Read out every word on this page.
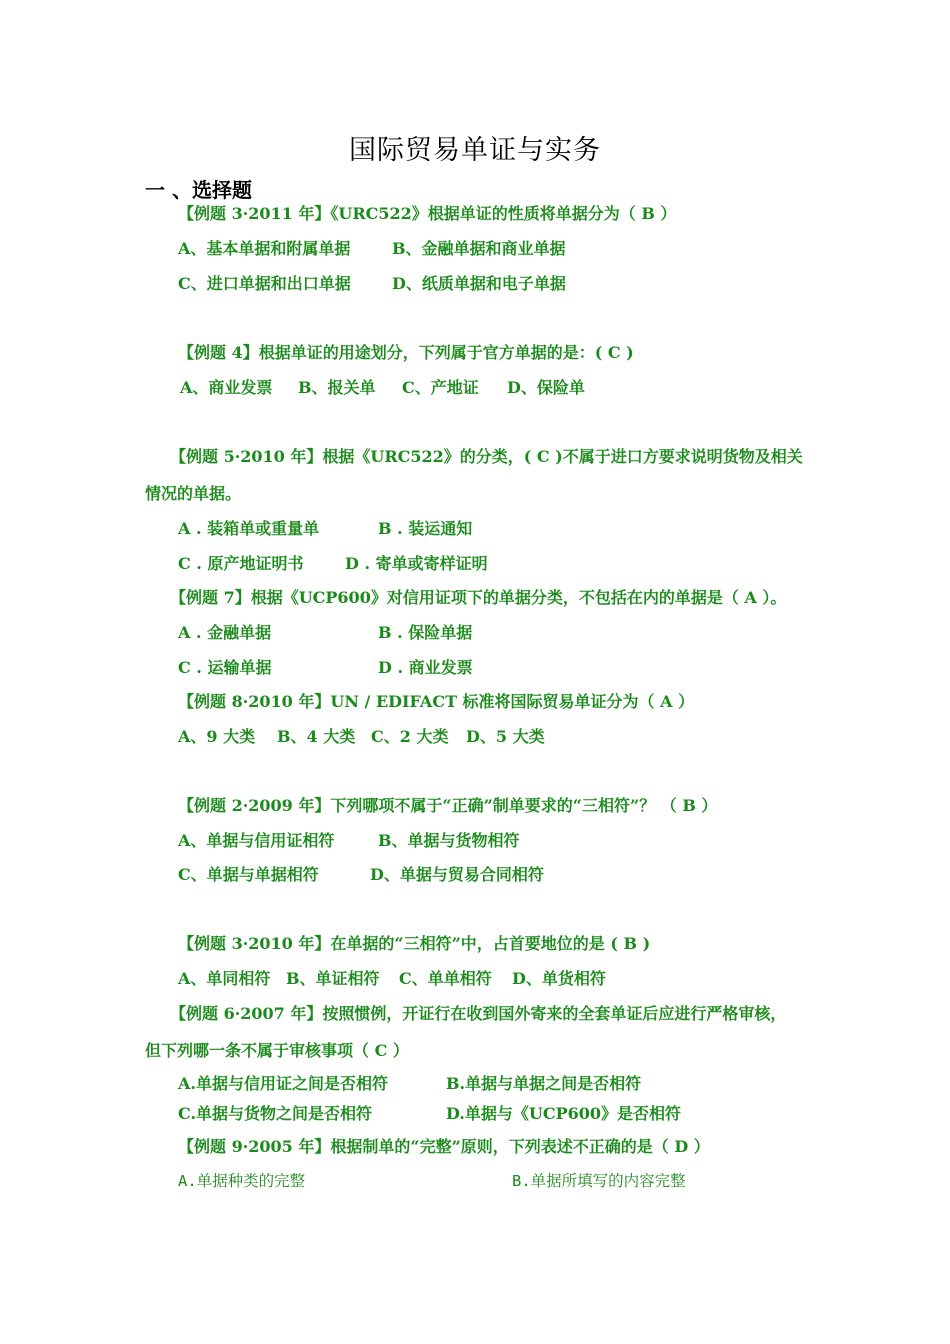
国际贸易单证与实务
一 、选择题
【例题 3·2011 年】《URC522》根据单证的性质将单据分为（ B ）
A、基本单据和附属单据	B、金融单据和商业单据
C、进口单据和出口单据	D、纸质单据和电子单据
【例题 4】根据单证的用途划分，下列属于官方单据的是：( C )
A、商业发票 B、报关单 C、产地证 D、保险单
【例题 5·2010 年】根据《URC522》的分类，( C )不属于进口方要求说明货物及相关
情况的单据。
A . 装箱单或重量单	B . 装运通知
C . 原产地证明书	D . 寄单或寄样证明
【例题 7】根据《UCP600》对信用证项下的单据分类，不包括在内的单据是（ A ）。
A . 金融单据	B . 保险单据
C . 运输单据	D . 商业发票
【例题 8·2010 年】UN / EDIFACT 标准将国际贸易单证分为（ A ）
A、9 大类 B、4 大类 C、2 大类 D、5 大类
【例题 2·2009 年】下列哪项不属于“正确”制单要求的“三相符”？ （ B ）
A、单据与信用证相符	B、单据与货物相符
C、单据与单据相符	D、单据与贸易合同相符
【例题 3·2010 年】在单据的“三相符”中，占首要地位的是 ( B )
A、单同相符 B、单证相符 C、单单相符 D、单货相符
【例题 6·2007 年】按照惯例，开证行在收到国外寄来的全套单证后应进行严格审核，
但下列哪一条不属于审核事项（ C ）
A.单据与信用证之间是否相符	B.单据与单据之间是否相符
C.单据与货物之间是否相符	D.单据与《UCP600》是否相符
【例题 9·2005 年】根据制单的“完整”原则，下列表述不正确的是（ D ）
A.单据种类的完整	B.单据所填写的内容完整
